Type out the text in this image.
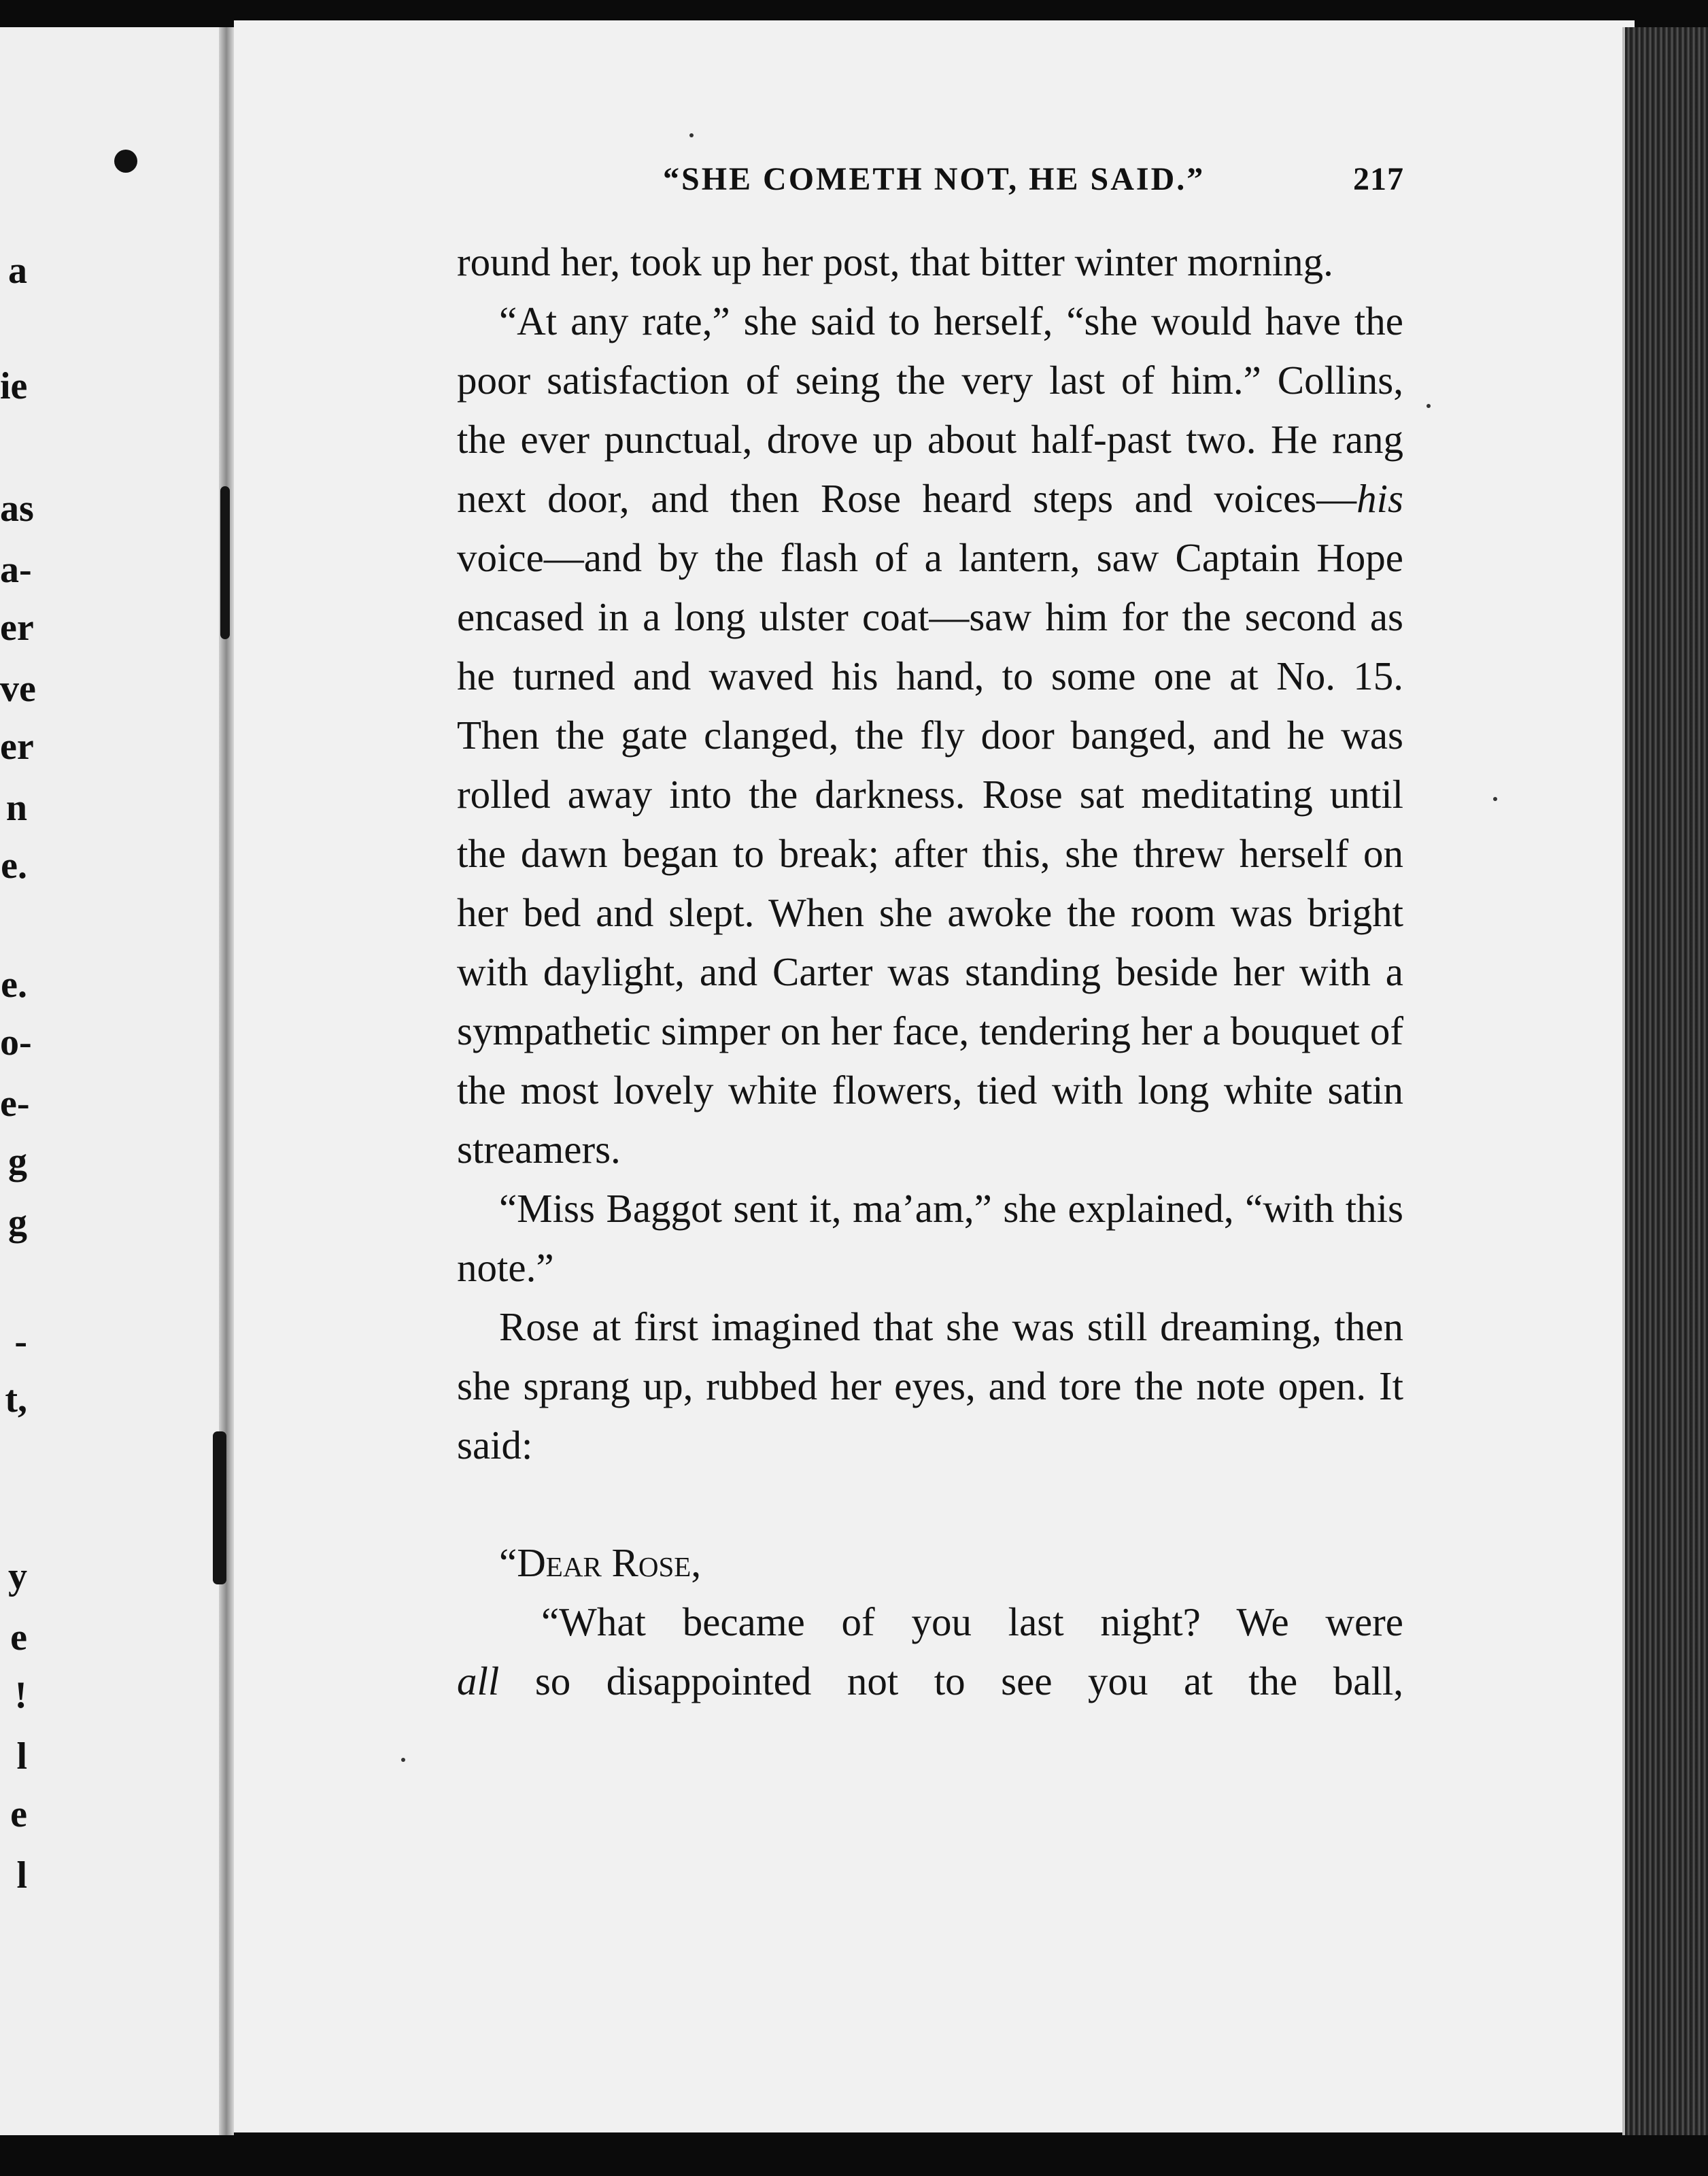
a
ie
as
a-
er
ve
er
n
e.
e.
o-
e-
g
g
-
t,
y
e
!
l
e
l
“SHE COMETH NOT, HE SAID.”	217

round her, took up her post, that bitter winter morning.

“At any rate,” she said to herself, “she would have the poor satisfaction of seing the very last of him.” Collins, the ever punctual, drove up about half-past two. He rang next door, and then Rose heard steps and voices—his voice—and by the flash of a lantern, saw Captain Hope encased in a long ulster coat—saw him for the second as he turned and waved his hand, to some one at No. 15. Then the gate clanged, the fly door banged, and he was rolled away into the darkness. Rose sat meditating until the dawn began to break; after this, she threw herself on her bed and slept. When she awoke the room was bright with daylight, and Carter was standing beside her with a sympathetic simper on her face, tendering her a bouquet of the most lovely white flowers, tied with long white satin streamers.

“Miss Baggot sent it, ma’am,” she explained, “with this note.”

Rose at first imagined that she was still dreaming, then she sprang up, rubbed her eyes, and tore the note open. It said:

“Dear Rose,

“What became of you last night? We were

all so disappointed not to see you at the ball,
